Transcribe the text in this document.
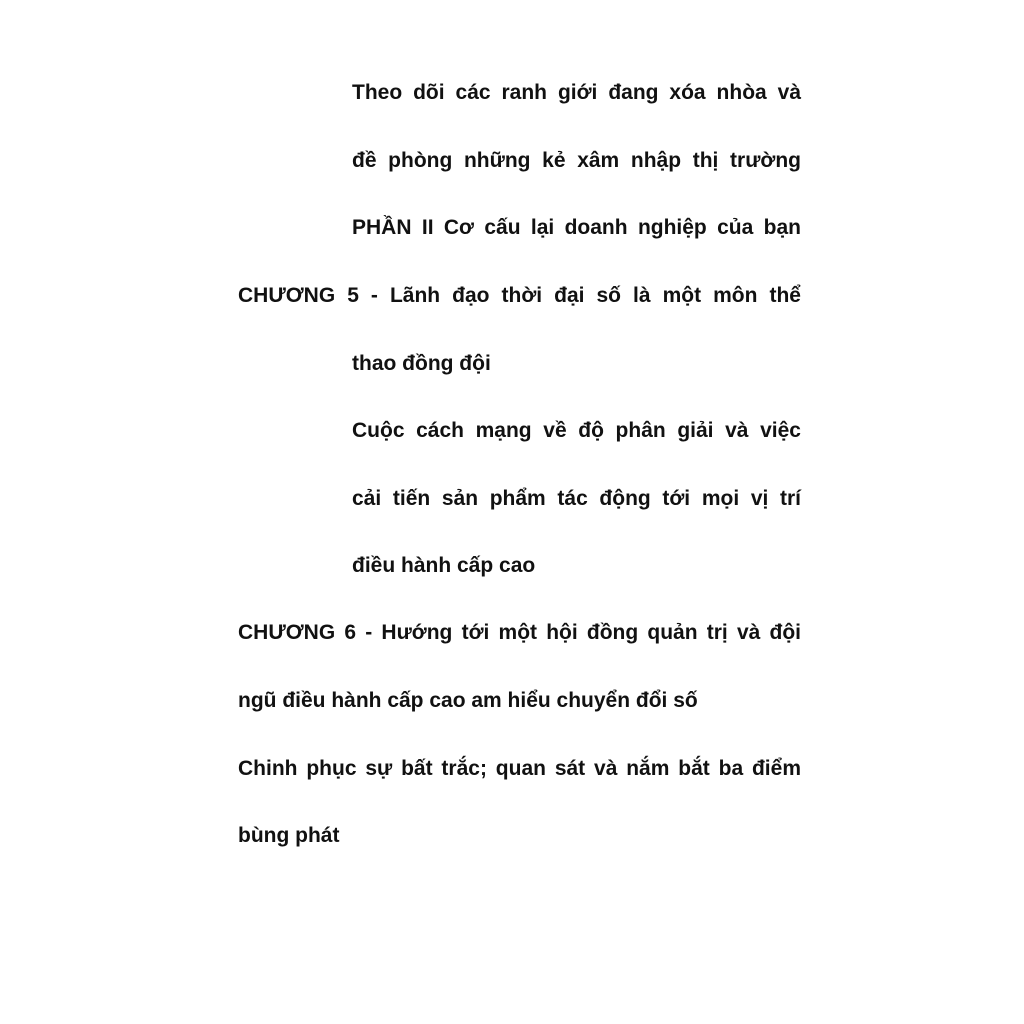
Theo dõi các ranh giới đang xóa nhòa và

đề phòng những kẻ xâm nhập thị trường

PHẦN II Cơ cấu lại doanh nghiệp của bạn

CHƯƠNG 5 - Lãnh đạo thời đại số là một môn thể

thao đồng đội

Cuộc cách mạng về độ phân giải và việc

cải tiến sản phẩm tác động tới mọi vị trí

điều hành cấp cao

CHƯƠNG 6 - Hướng tới một hội đồng quản trị và đội

ngũ điều hành cấp cao am hiểu chuyển đổi số

Chinh phục sự bất trắc; quan sát và nắm bắt ba điểm

bùng phát
